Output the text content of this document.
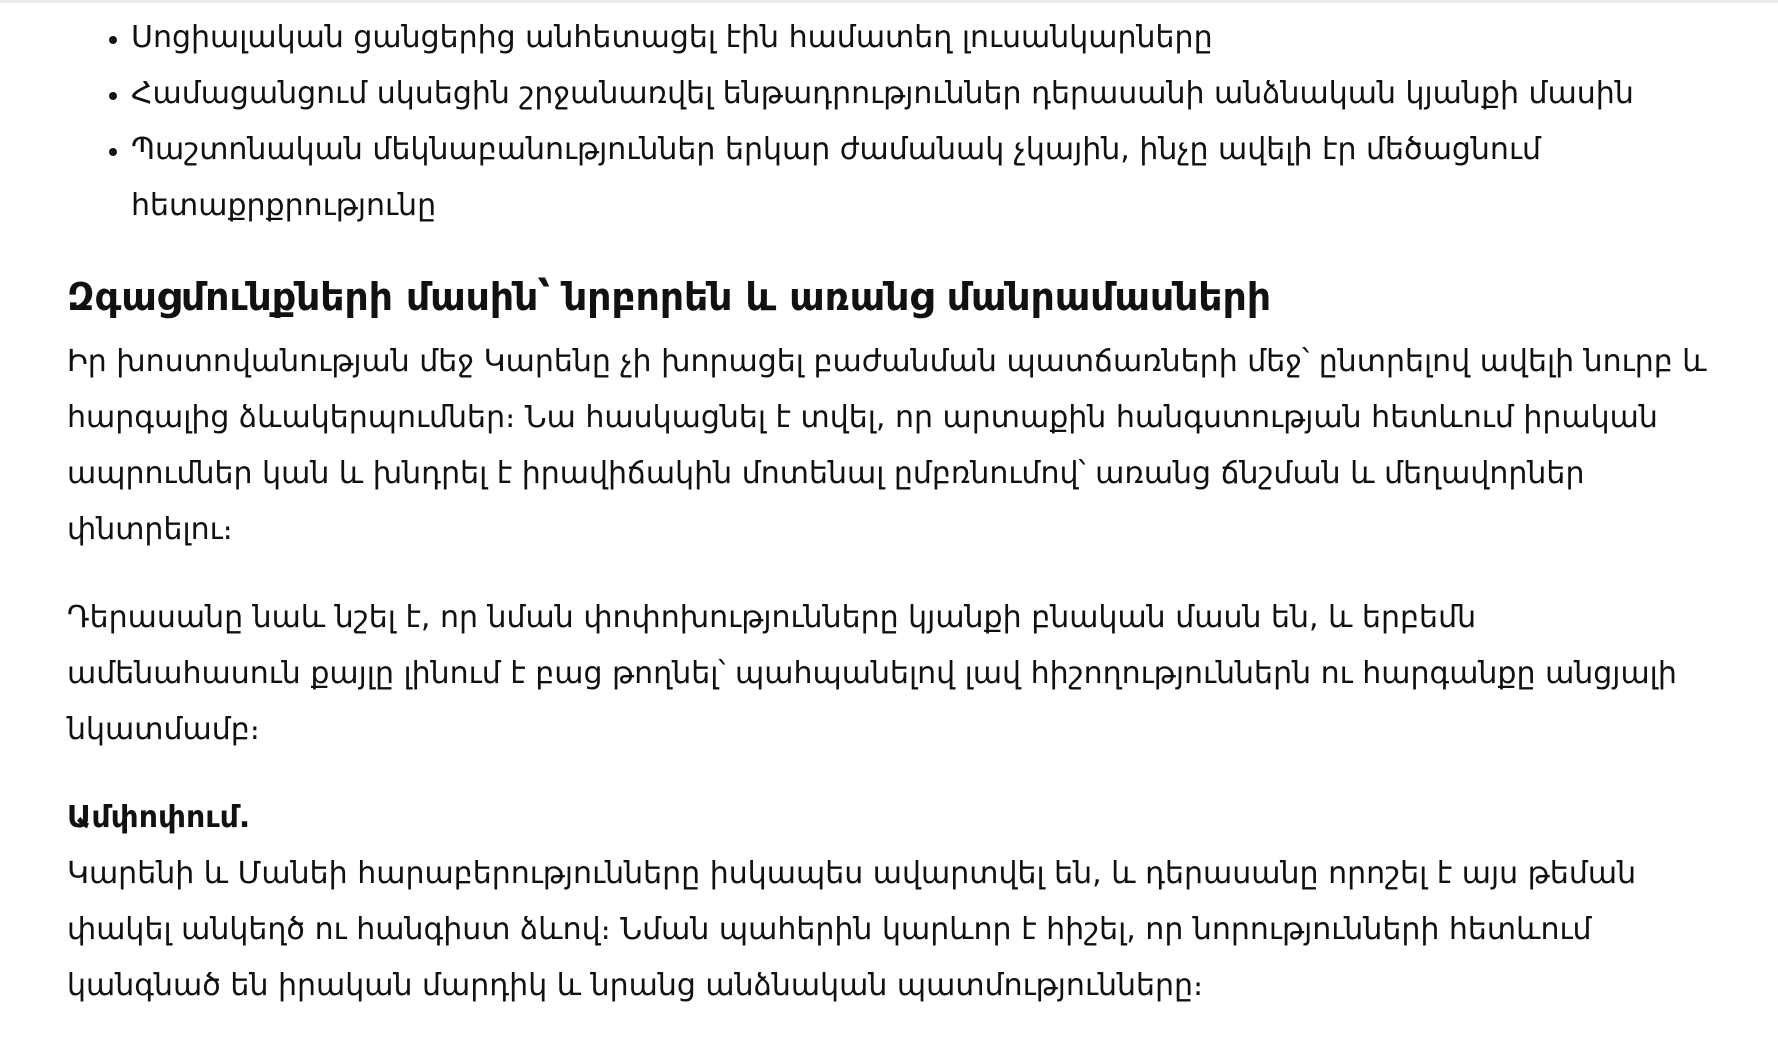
• Սոցիալական ցանցերից անհետացել էին համատեղ լուսանկարները
• Համացանցում սկսեցին շրջանառվել ենթադրություններ դերասանի անձնական կյանքի մասին
• Պաշտոնական մեկնաբանություններ երկար ժամանակ չկային, ինչը ավելի էր մեծացնում հետաքրքրությունը
Զգացմունքների մասին՝ նրբորեն և առանց մանրամասների

Իր խոստովանության մեջ Կարենը չի խորացել բաժանման պատճառների մեջ՝ ընտրելով ավելի նուրբ և հարգալից ձևակերպումներ։ Նա հասկացնել է տվել, որ արտաքին հանգստության հետևում իրական ապրումներ կան և խնդրել է իրավիճակին մոտենալ ըմբռնումով՝ առանց ճնշման և մեղավորներ փնտրելու։

Դերասանը նաև նշել է, որ նման փոփոխությունները կյանքի բնական մասն են, և երբեմն ամենահասուն քայլը լինում է բաց թողնել՝ պահպանելով լավ հիշողություններն ու հարգանքը անցյալի նկատմամբ։

Ամփոփում.

Կարենի և Մանեի հարաբերությունները իսկապես ավարտվել են, և դերասանը որոշել է այս թեման փակել անկեղծ ու հանգիստ ձևով։ Նման պահերին կարևոր է հիշել, որ նորությունների հետևում կանգնած են իրական մարդիկ և նրանց անձնական պատմությունները։
